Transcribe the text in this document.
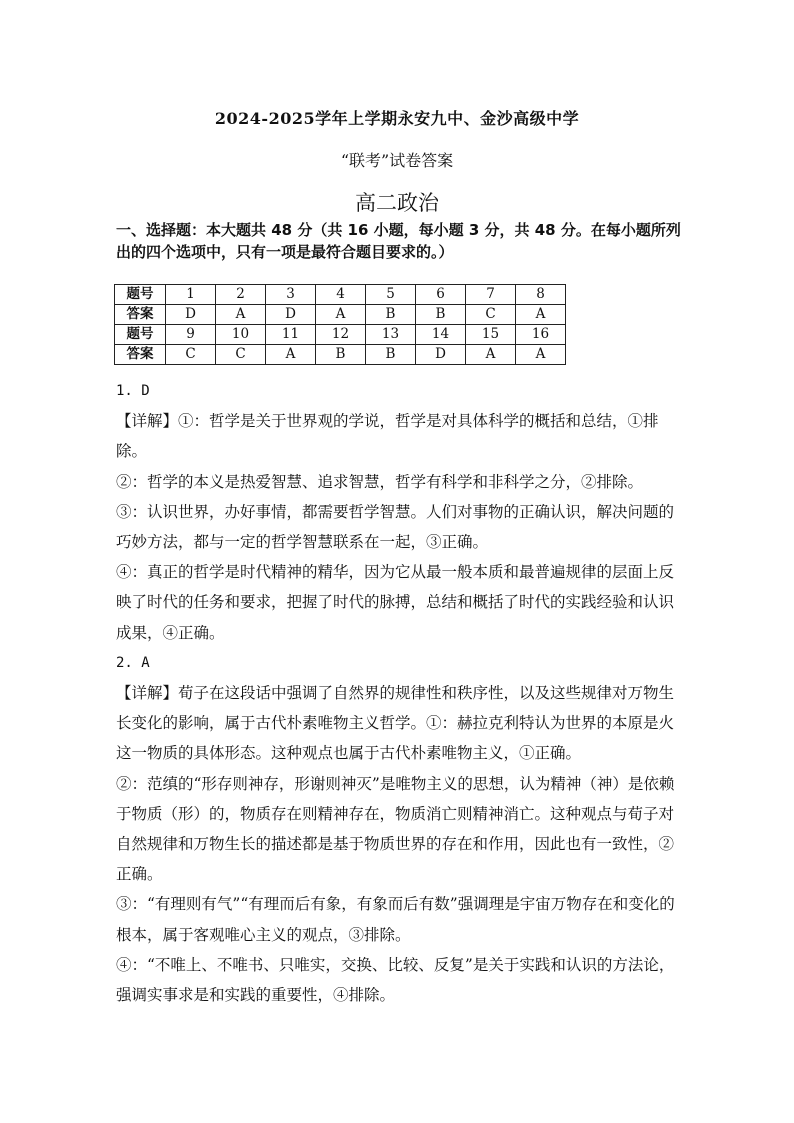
2024-2025学年上学期永安九中、金沙高级中学
“联考”试卷答案
高二政治
一、选择题：本大题共 48 分（共 16 小题，每小题 3 分，共 48 分。在每小题所列出的四个选项中，只有一项是最符合题目要求的。）
题号	1	2	3	4	5	6	7	8
答案	D	A	D	A	B	B	C	A
题号	9	10	11	12	13	14	15	16
答案	C	C	A	B	B	D	A	A

1. D

【详解】①：哲学是关于世界观的学说，哲学是对具体科学的概括和总结，①排除。

②：哲学的本义是热爱智慧、追求智慧，哲学有科学和非科学之分，②排除。

③：认识世界，办好事情，都需要哲学智慧。人们对事物的正确认识，解决问题的巧妙方法，都与一定的哲学智慧联系在一起，③正确。

④：真正的哲学是时代精神的精华，因为它从最一般本质和最普遍规律的层面上反映了时代的任务和要求，把握了时代的脉搏，总结和概括了时代的实践经验和认识成果，④正确。

2. A

【详解】荀子在这段话中强调了自然界的规律性和秩序性，以及这些规律对万物生长变化的影响，属于古代朴素唯物主义哲学。①：赫拉克利特认为世界的本原是火这一物质的具体形态。这种观点也属于古代朴素唯物主义，①正确。

②：范缜的“形存则神存，形谢则神灭”是唯物主义的思想，认为精神（神）是依赖于物质（形）的，物质存在则精神存在，物质消亡则精神消亡。这种观点与荀子对自然规律和万物生长的描述都是基于物质世界的存在和作用，因此也有一致性，②正确。

③：“有理则有气”“有理而后有象，有象而后有数”强调理是宇宙万物存在和变化的根本，属于客观唯心主义的观点，③排除。

④：“不唯上、不唯书、只唯实，交换、比较、反复”是关于实践和认识的方法论，强调实事求是和实践的重要性，④排除。
